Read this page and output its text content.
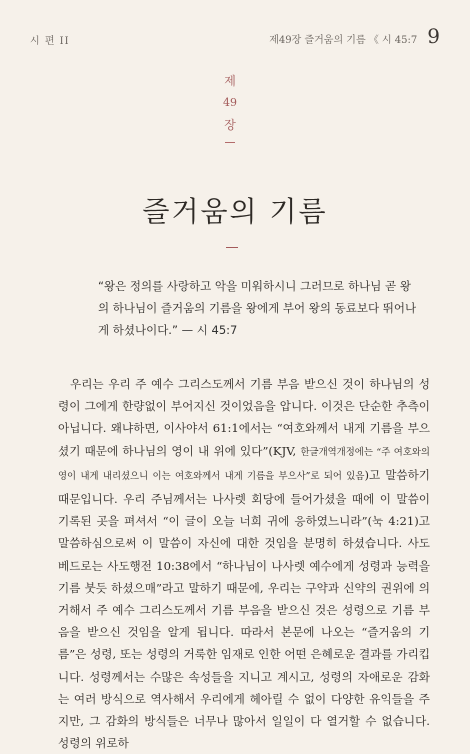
시 편 II	제49장 즐거움의 기름 《 시 45:7 9
제
49
장
즐거움의 기름
“왕은 정의를 사랑하고 악을 미워하시니 그러므로 하나님 곧 왕의 하나님이 즐거움의 기름을 왕에게 부어 왕의 동료보다 뛰어나게 하셨나이다.” — 시 45:7

우리는 우리 주 예수 그리스도께서 기름 부음 받으신 것이 하나님의 성령이 그에게 한량없이 부어지신 것이었음을 압니다. 이것은 단순한 추측이 아닙니다. 왜냐하면, 이사야서 61:1에서는 “여호와께서 내게 기름을 부으셨기 때문에 하나님의 영이 내 위에 있다”(KJV, 한글개역개정에는 “주 여호와의 영이 내게 내리셨으니 이는 여호와께서 내게 기름을 부으사”로 되어 있음)고 말씀하기 때문입니다. 우리 주님께서는 나사렛 회당에 들어가셨을 때에 이 말씀이 기록된 곳을 펴셔서 “이 글이 오늘 너희 귀에 응하였느니라”(눅 4:21)고 말씀하심으로써 이 말씀이 자신에 대한 것임을 분명히 하셨습니다. 사도 베드로는 사도행전 10:38에서 “하나님이 나사렛 예수에게 성령과 능력을 기름 붓듯 하셨으매”라고 말하기 때문에, 우리는 구약과 신약의 권위에 의거해서 주 예수 그리스도께서 기름 부음을 받으신 것은 성령으로 기름 부음을 받으신 것임을 알게 됩니다. 따라서 본문에 나오는 “즐거움의 기름”은 성령, 또는 성령의 거룩한 임재로 인한 어떤 은혜로운 결과를 가리킵니다. 성령께서는 수많은 속성들을 지니고 계시고, 성령의 자애로운 감화는 여러 방식으로 역사해서 우리에게 헤아릴 수 없이 다양한 유익들을 주지만, 그 감화의 방식들은 너무나 많아서 일일이 다 열거할 수 없습니다. 성령의 위로하
